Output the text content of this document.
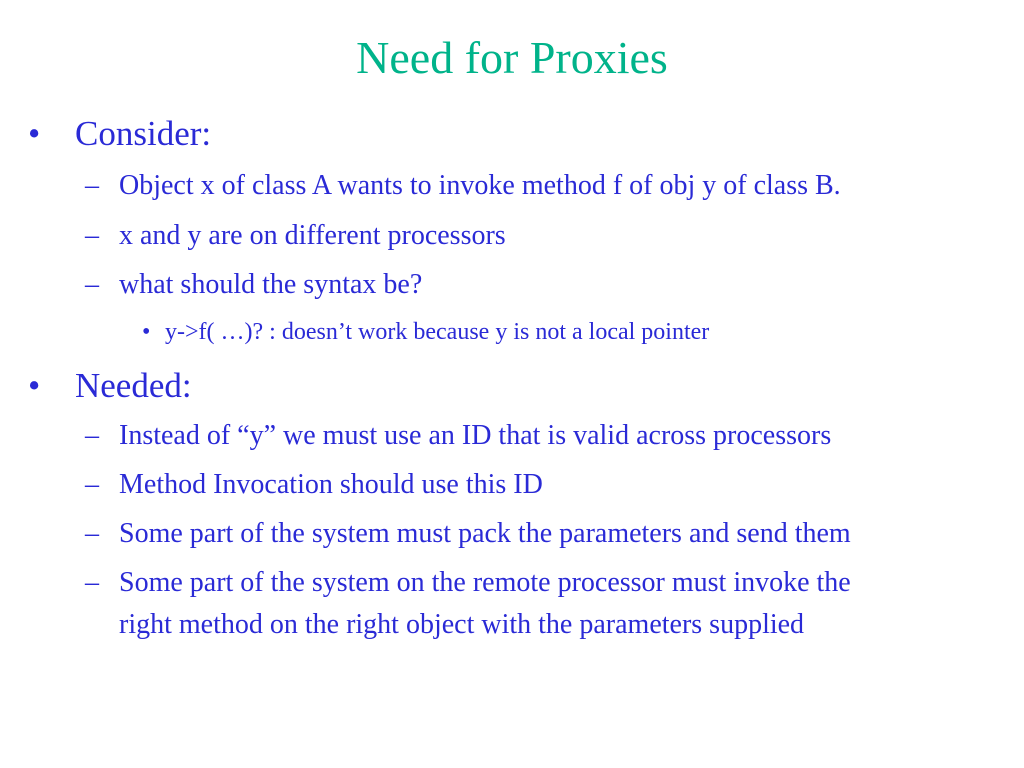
Need for Proxies
• Consider:
– Object x of class A wants to invoke method f of obj y of class B.
– x and y are on different processors
– what should the syntax be?
• y->f( …)? : doesn’t work because y is not a local pointer
• Needed:
– Instead of “y” we must use an ID that is valid across processors
– Method Invocation should use this ID
– Some part of the system must pack the parameters and send them
– Some part of the system on the remote processor must invoke the
right method on the right object with the parameters supplied
